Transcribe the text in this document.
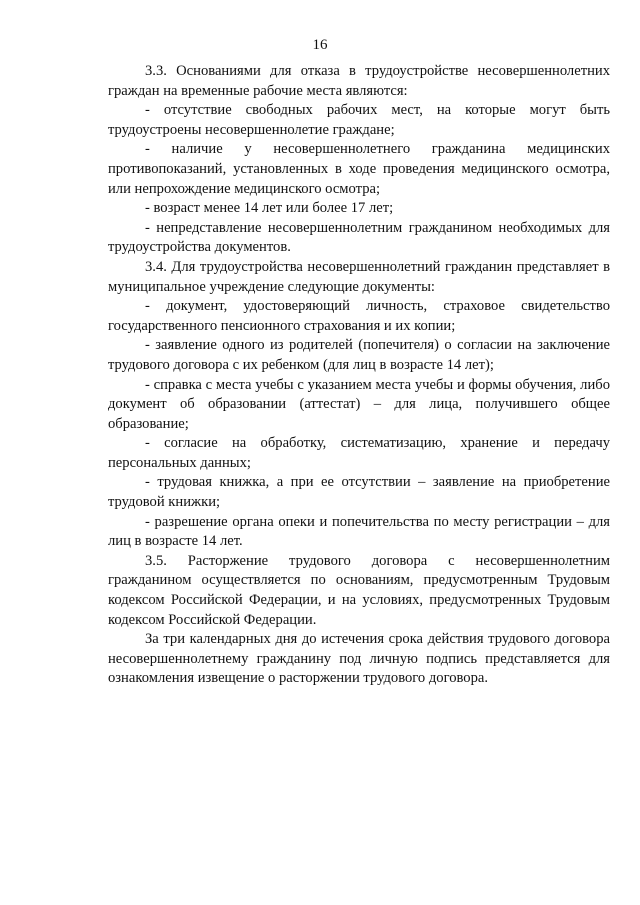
16

3.3. Основаниями для отказа в трудоустройстве несовершеннолетних граждан на временные рабочие места являются:

- отсутствие свободных рабочих мест, на которые могут быть трудоустроены несовершеннолетие граждане;

- наличие у несовершеннолетнего гражданина медицинских противопоказаний, установленных в ходе проведения медицинского осмотра, или непрохождение медицинского осмотра;

- возраст менее 14 лет или более 17 лет;

- непредставление несовершеннолетним гражданином необходимых для трудоустройства документов.

3.4. Для трудоустройства несовершеннолетний гражданин представляет в муниципальное учреждение следующие документы:

- документ, удостоверяющий личность, страховое свидетельство государственного пенсионного страхования и их копии;

- заявление одного из родителей (попечителя) о согласии на заключение трудового договора с их ребенком (для лиц в возрасте 14 лет);

- справка с места учебы с указанием места учебы и формы обучения, либо документ об образовании (аттестат) – для лица, получившего общее образование;

- согласие на обработку, систематизацию, хранение и передачу персональных данных;

- трудовая книжка, а при ее отсутствии – заявление на приобретение трудовой книжки;

- разрешение органа опеки и попечительства по месту регистрации – для лиц в возрасте 14 лет.

3.5. Расторжение трудового договора с несовершеннолетним гражданином осуществляется по основаниям, предусмотренным Трудовым кодексом Российской Федерации, и на условиях, предусмотренных Трудовым кодексом Российской Федерации.

За три календарных дня до истечения срока действия трудового договора несовершеннолетнему гражданину под личную подпись представляется для ознакомления извещение о расторжении трудового договора.
